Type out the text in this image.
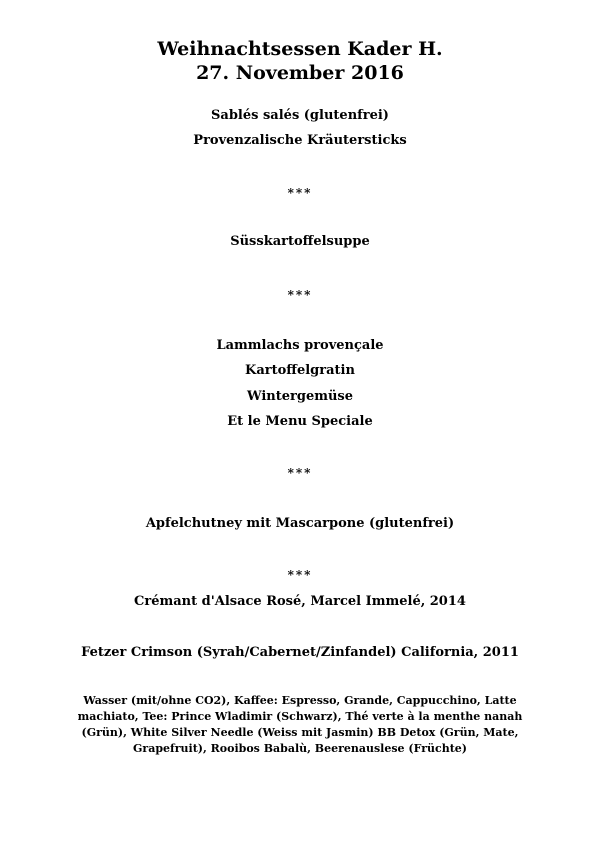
Weihnachtsessen Kader H.
27. November 2016
Sablés salés (glutenfrei)
Provenzalische Kräutersticks
***
Süsskartoffelsuppe
***
Lammlachs provençale
Kartoffelgratin
Wintergemüse
Et le Menu Speciale
***
Apfelchutney mit Mascarpone (glutenfrei)
***
Crémant d'Alsace Rosé, Marcel Immelé, 2014
Fetzer Crimson (Syrah/Cabernet/Zinfandel) California, 2011
Wasser (mit/ohne CO2), Kaffee: Espresso, Grande, Cappucchino, Latte machiato, Tee: Prince Wladimir (Schwarz), Thé verte à la menthe nanah (Grün), White Silver Needle (Weiss mit Jasmin) BB Detox (Grün, Mate, Grapefruit), Rooibos Babalù, Beerenauslese (Früchte)
